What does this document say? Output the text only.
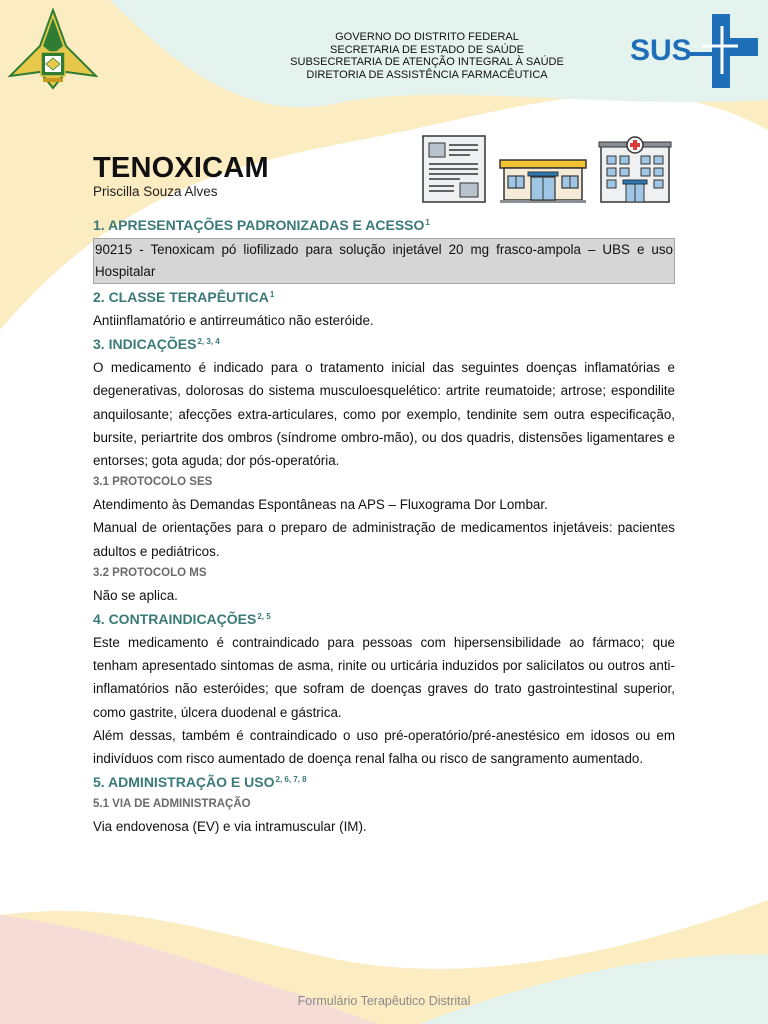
GOVERNO DO DISTRITO FEDERAL
SECRETARIA DE ESTADO DE SAÚDE
SUBSECRETARIA DE ATENÇÃO INTEGRAL À SAÚDE
DIRETORIA DE ASSISTÊNCIA FARMACÊUTICA
SUS
TENOXICAM
Priscilla Souza Alves
1. APRESENTAÇÕES PADRONIZADAS E ACESSO$^1$
90215 - Tenoxicam pó liofilizado para solução injetável 20 mg frasco-ampola – UBS e uso Hospitalar
2. CLASSE TERAPÊUTICA$^1$

Antiinflamatório e antirreumático não esteróide.

3. INDICAÇÕES$^{2, 3, 4}$

O medicamento é indicado para o tratamento inicial das seguintes doenças inflamatórias e degenerativas, dolorosas do sistema musculoesquelético: artrite reumatoide; artrose; espondilite anquilosante; afecções extra-articulares, como por exemplo, tendinite sem outra especificação, bursite, periartrite dos ombros (síndrome ombro-mão), ou dos quadris, distensões ligamentares e entorses; gota aguda; dor pós-operatória.

3.1 PROTOCOLO SES

Atendimento às Demandas Espontâneas na APS – Fluxograma Dor Lombar.

Manual de orientações para o preparo de administração de medicamentos injetáveis: pacientes adultos e pediátricos.

3.2 PROTOCOLO MS

Não se aplica.

4. CONTRAINDICAÇÕES$^{2, 5}$

Este medicamento é contraindicado para pessoas com hipersensibilidade ao fármaco; que tenham apresentado sintomas de asma, rinite ou urticária induzidos por salicilatos ou outros anti-inflamatórios não esteróides; que sofram de doenças graves do trato gastrointestinal superior, como gastrite, úlcera duodenal e gástrica.

Além dessas, também é contraindicado o uso pré-operatório/pré-anestésico em idosos ou em indivíduos com risco aumentado de doença renal falha ou risco de sangramento aumentado.

5. ADMINISTRAÇÃO E USO$^{2, 6, 7, 8}$
5.1 VIA DE ADMINISTRAÇÃO

Via endovenosa (EV) e via intramuscular (IM).

Formulário Terapêutico Distrital
